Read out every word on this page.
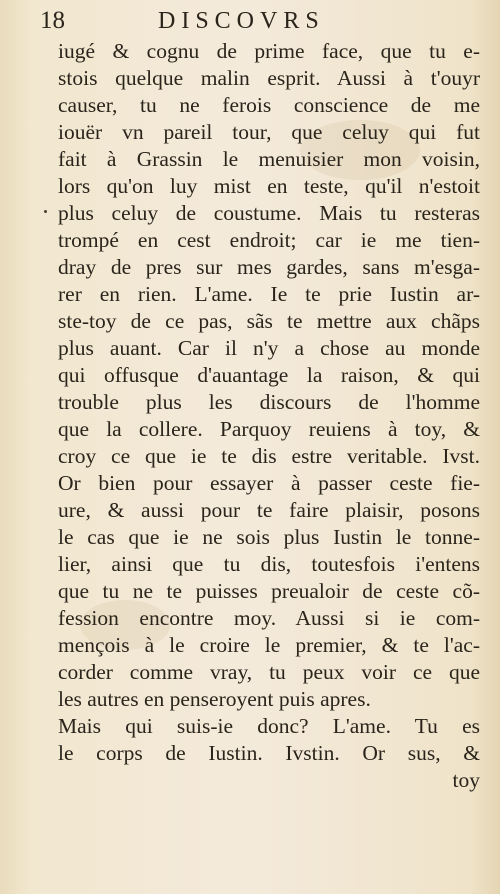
18	DISCOVRS
iugé & cognu de prime face, que tu e-
stois quelque malin esprit. Aussi à t'ouyr
causer, tu ne ferois conscience de me
iouër vn pareil tour, que celuy qui fut
fait à Grassin le menuisier mon voisin,
lors qu'on luy mist en teste, qu'il n'estoit
plus celuy de coustume. Mais tu resteras
trompé en cest endroit; car ie me tien-
dray de pres sur mes gardes, sans m'esga-
rer en rien. L'ame. Ie te prie Iustin ar-
ste-toy de ce pas, sãs te mettre aux chãps
plus auant. Car il n'y a chose au monde
qui offusque d'auantage la raison, & qui
trouble plus les discours de l'homme
que la collere. Parquoy reuiens à toy, &
croy ce que ie te dis estre veritable. Ivst.
Or bien pour essayer à passer ceste fie-
ure, & aussi pour te faire plaisir, posons
le cas que ie ne sois plus Iustin le tonne-
lier, ainsi que tu dis, toutesfois i'entens
que tu ne te puisses preualoir de ceste cõ-
fession encontre moy. Aussi si ie com-
mençois à le croire le premier, & te l'ac-
corder comme vray, tu peux voir ce que
les autres en penseroyent puis apres.
Mais qui suis-ie donc? L'ame. Tu es
le corps de Iustin. Ivstin. Or sus, &
toy
